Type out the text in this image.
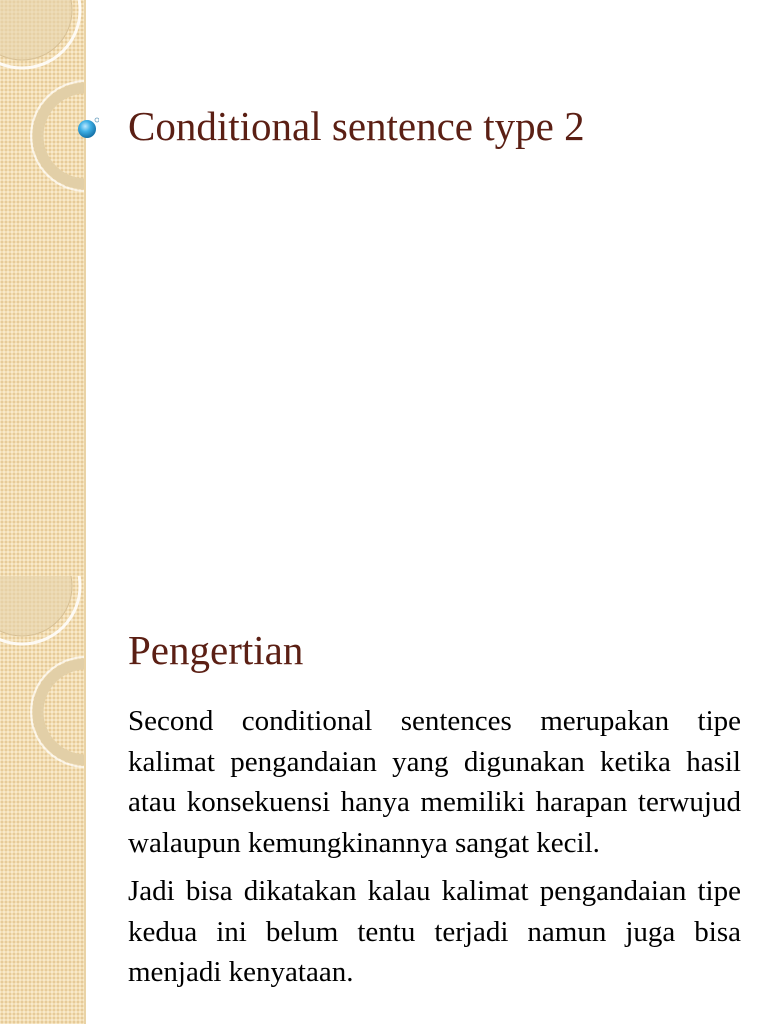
Conditional sentence type 2
Pengertian

Second conditional sentences merupakan tipe kalimat pengandaian yang digunakan ketika hasil atau konsekuensi hanya memiliki harapan terwujud walaupun kemungkinannya sangat kecil.

Jadi bisa dikatakan kalau kalimat pengandaian tipe kedua ini belum tentu terjadi namun juga bisa menjadi kenyataan.
